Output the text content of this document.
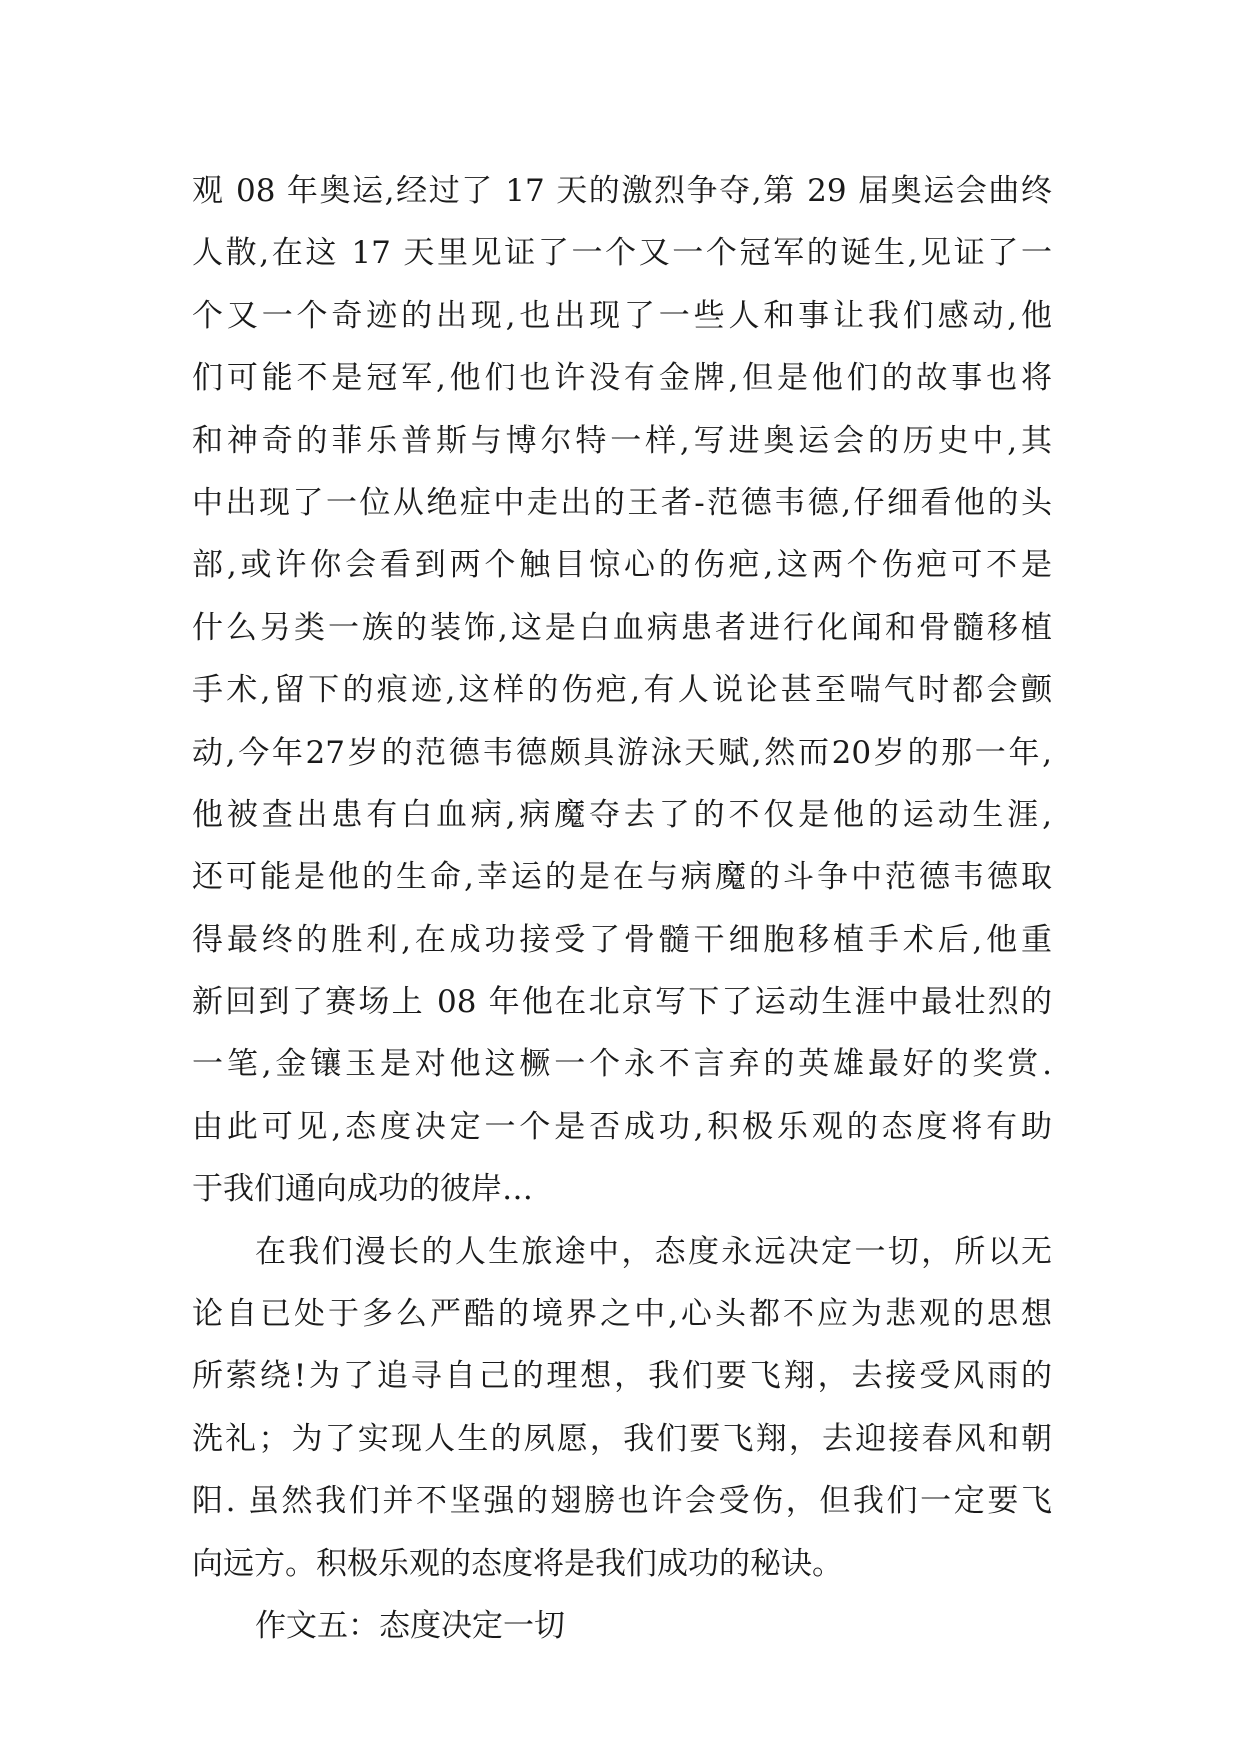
观 08 年奥运,经过了 17 天的激烈争夺,第 29 届奥运会曲终
人散,在这 17 天里见证了一个又一个冠军的诞生,见证了一
个又一个奇迹的出现,也出现了一些人和事让我们感动,他
们可能不是冠军,他们也许没有金牌,但是他们的故事也将
和神奇的菲乐普斯与博尔特一样,写进奥运会的历史中,其
中出现了一位从绝症中走出的王者-范德韦德,仔细看他的头
部,或许你会看到两个触目惊心的伤疤,这两个伤疤可不是
什么另类一族的装饰,这是白血病患者进行化闻和骨髓移植
手术,留下的痕迹,这样的伤疤,有人说论甚至喘气时都会颤
动,今年27岁的范德韦德颇具游泳天赋,然而20岁的那一年,
他被查出患有白血病,病魔夺去了的不仅是他的运动生涯,
还可能是他的生命,幸运的是在与病魔的斗争中范德韦德取
得最终的胜利,在成功接受了骨髓干细胞移植手术后,他重
新回到了赛场上 08 年他在北京写下了运动生涯中最壮烈的
一笔,金镶玉是对他这橛一个永不言弃的英雄最好的奖赏.
由此可见,态度决定一个是否成功,积极乐观的态度将有助
于我们通向成功的彼岸…
在我们漫长的人生旅途中，态度永远决定一切，所以无
论自已处于多么严酷的境界之中,心头都不应为悲观的思想
所萦绕!为了追寻自己的理想，我们要飞翔，去接受风雨的
洗礼；为了实现人生的夙愿，我们要飞翔，去迎接春风和朝
阳. 虽然我们并不坚强的翅膀也许会受伤，但我们一定要飞
向远方。积极乐观的态度将是我们成功的秘诀。
作文五：态度决定一切
